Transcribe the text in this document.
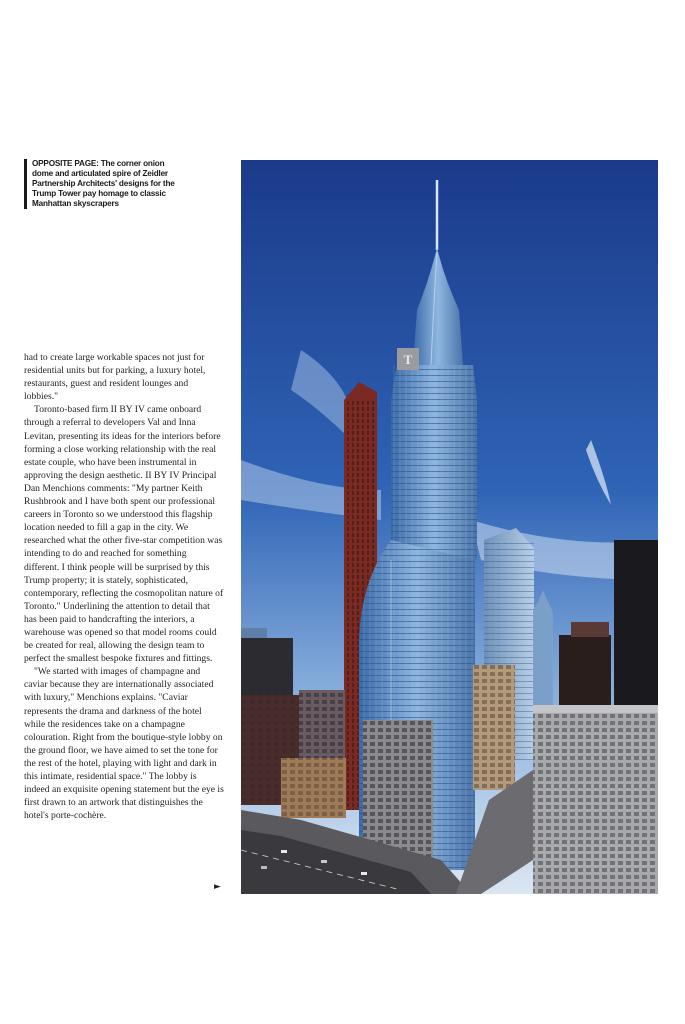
OPPOSITE PAGE: The corner onion dome and articulated spire of Zeidler Partnership Architects' designs for the Trump Tower pay homage to classic Manhattan skyscrapers

had to create large workable spaces not just for residential units but for parking, a luxury hotel, restaurants, guest and resident lounges and lobbies."

Toronto-based firm II BY IV came onboard through a referral to developers Val and Inna Levitan, presenting its ideas for the interiors before forming a close working relationship with the real estate couple, who have been instrumental in approving the design aesthetic. II BY IV Principal Dan Menchions comments: "My partner Keith Rushbrook and I have both spent our professional careers in Toronto so we understood this flagship location needed to fill a gap in the city. We researched what the other five-star competition was intending to do and reached for something different. I think people will be surprised by this Trump property; it is stately, sophisticated, contemporary, reflecting the cosmopolitan nature of Toronto." Underlining the attention to detail that has been paid to handcrafting the interiors, a warehouse was opened so that model rooms could be created for real, allowing the design team to perfect the smallest bespoke fixtures and fittings.

"We started with images of champagne and caviar because they are internationally associated with luxury," Menchions explains. "Caviar represents the drama and darkness of the hotel while the residences take on a champagne colouration. Right from the boutique-style lobby on the ground floor, we have aimed to set the tone for the rest of the hotel, playing with light and dark in this intimate, residential space." The lobby is indeed an exquisite opening statement but the eye is first drawn to an artwork that distinguishes the hotel's porte-cochère.

►
T
